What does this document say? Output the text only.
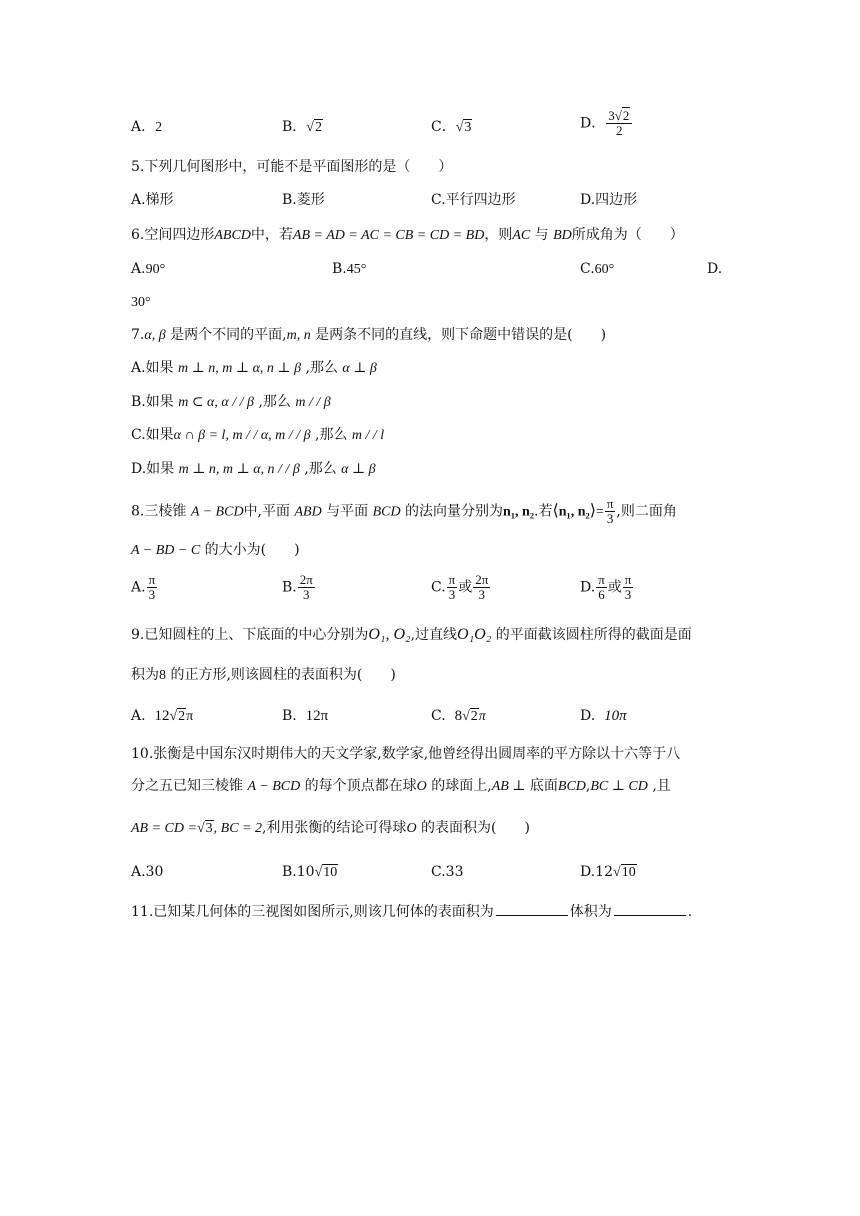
A．2	B．√2	C．√3	D． $\frac{3√2}{2}$
5.下列几何图形中，可能不是平面图形的是（　　）
A.梯形	B.菱形	C.平行四边形	D.四边形
6.空间四边形ABCD中，若AB = AD = AC = CB = CD = BD，则AC 与 BD所成角为（　　）
A.90°	B.45°	C.60°	D.
30°
7.α, β 是两个不同的平面,m, n 是两条不同的直线，则下命题中错误的是(　　)
A.如果 m ⊥ n, m ⊥ α, n ⊥ β ,那么 α ⊥ β
B.如果 m ⊂ α, α / / β ,那么 m / / β
C.如果α ∩ β = l, m / / α, m / / β ,那么 m / / l
D.如果 m ⊥ n, m ⊥ α, n / / β ,那么 α ⊥ β
8.三棱锥 A − BCD中,平面 ABD 与平面 BCD 的法向量分别为n₁, n₂.若⟨n₁, n₂⟩= $\frac{\pi}{3}$ ,则二面角
A − BD − C 的大小为(　　)
A. $\frac{\pi}{3}$	B. $\frac{2\pi}{3}$	C. $\frac{\pi}{3}$ 或 $\frac{2\pi}{3}$	D. $\frac{\pi}{6}$ 或 $\frac{\pi}{3}$
9.已知圆柱的上、下底面的中心分别为O₁, O₂,过直线O₁O₂ 的平面截该圆柱所得的截面是面
积为8 的正方形,则该圆柱的表面积为(　　)
A. 12√2π	B. 12π	C. 8√2π	D. 10π
10.张衡是中国东汉时期伟大的天文学家,数学家,他曾经得出圆周率的平方除以十六等于八
分之五已知三棱锥 A − BCD 的每个顶点都在球O 的球面上,AB ⊥ 底面BCD,BC ⊥ CD ,且
AB = CD =√3, BC = 2,利用张衡的结论可得球O 的表面积为(　　)
A.30	B.10√10	C.33	D.12√10
11.已知某几何体的三视图如图所示,则该几何体的表面积为	体积为	.
